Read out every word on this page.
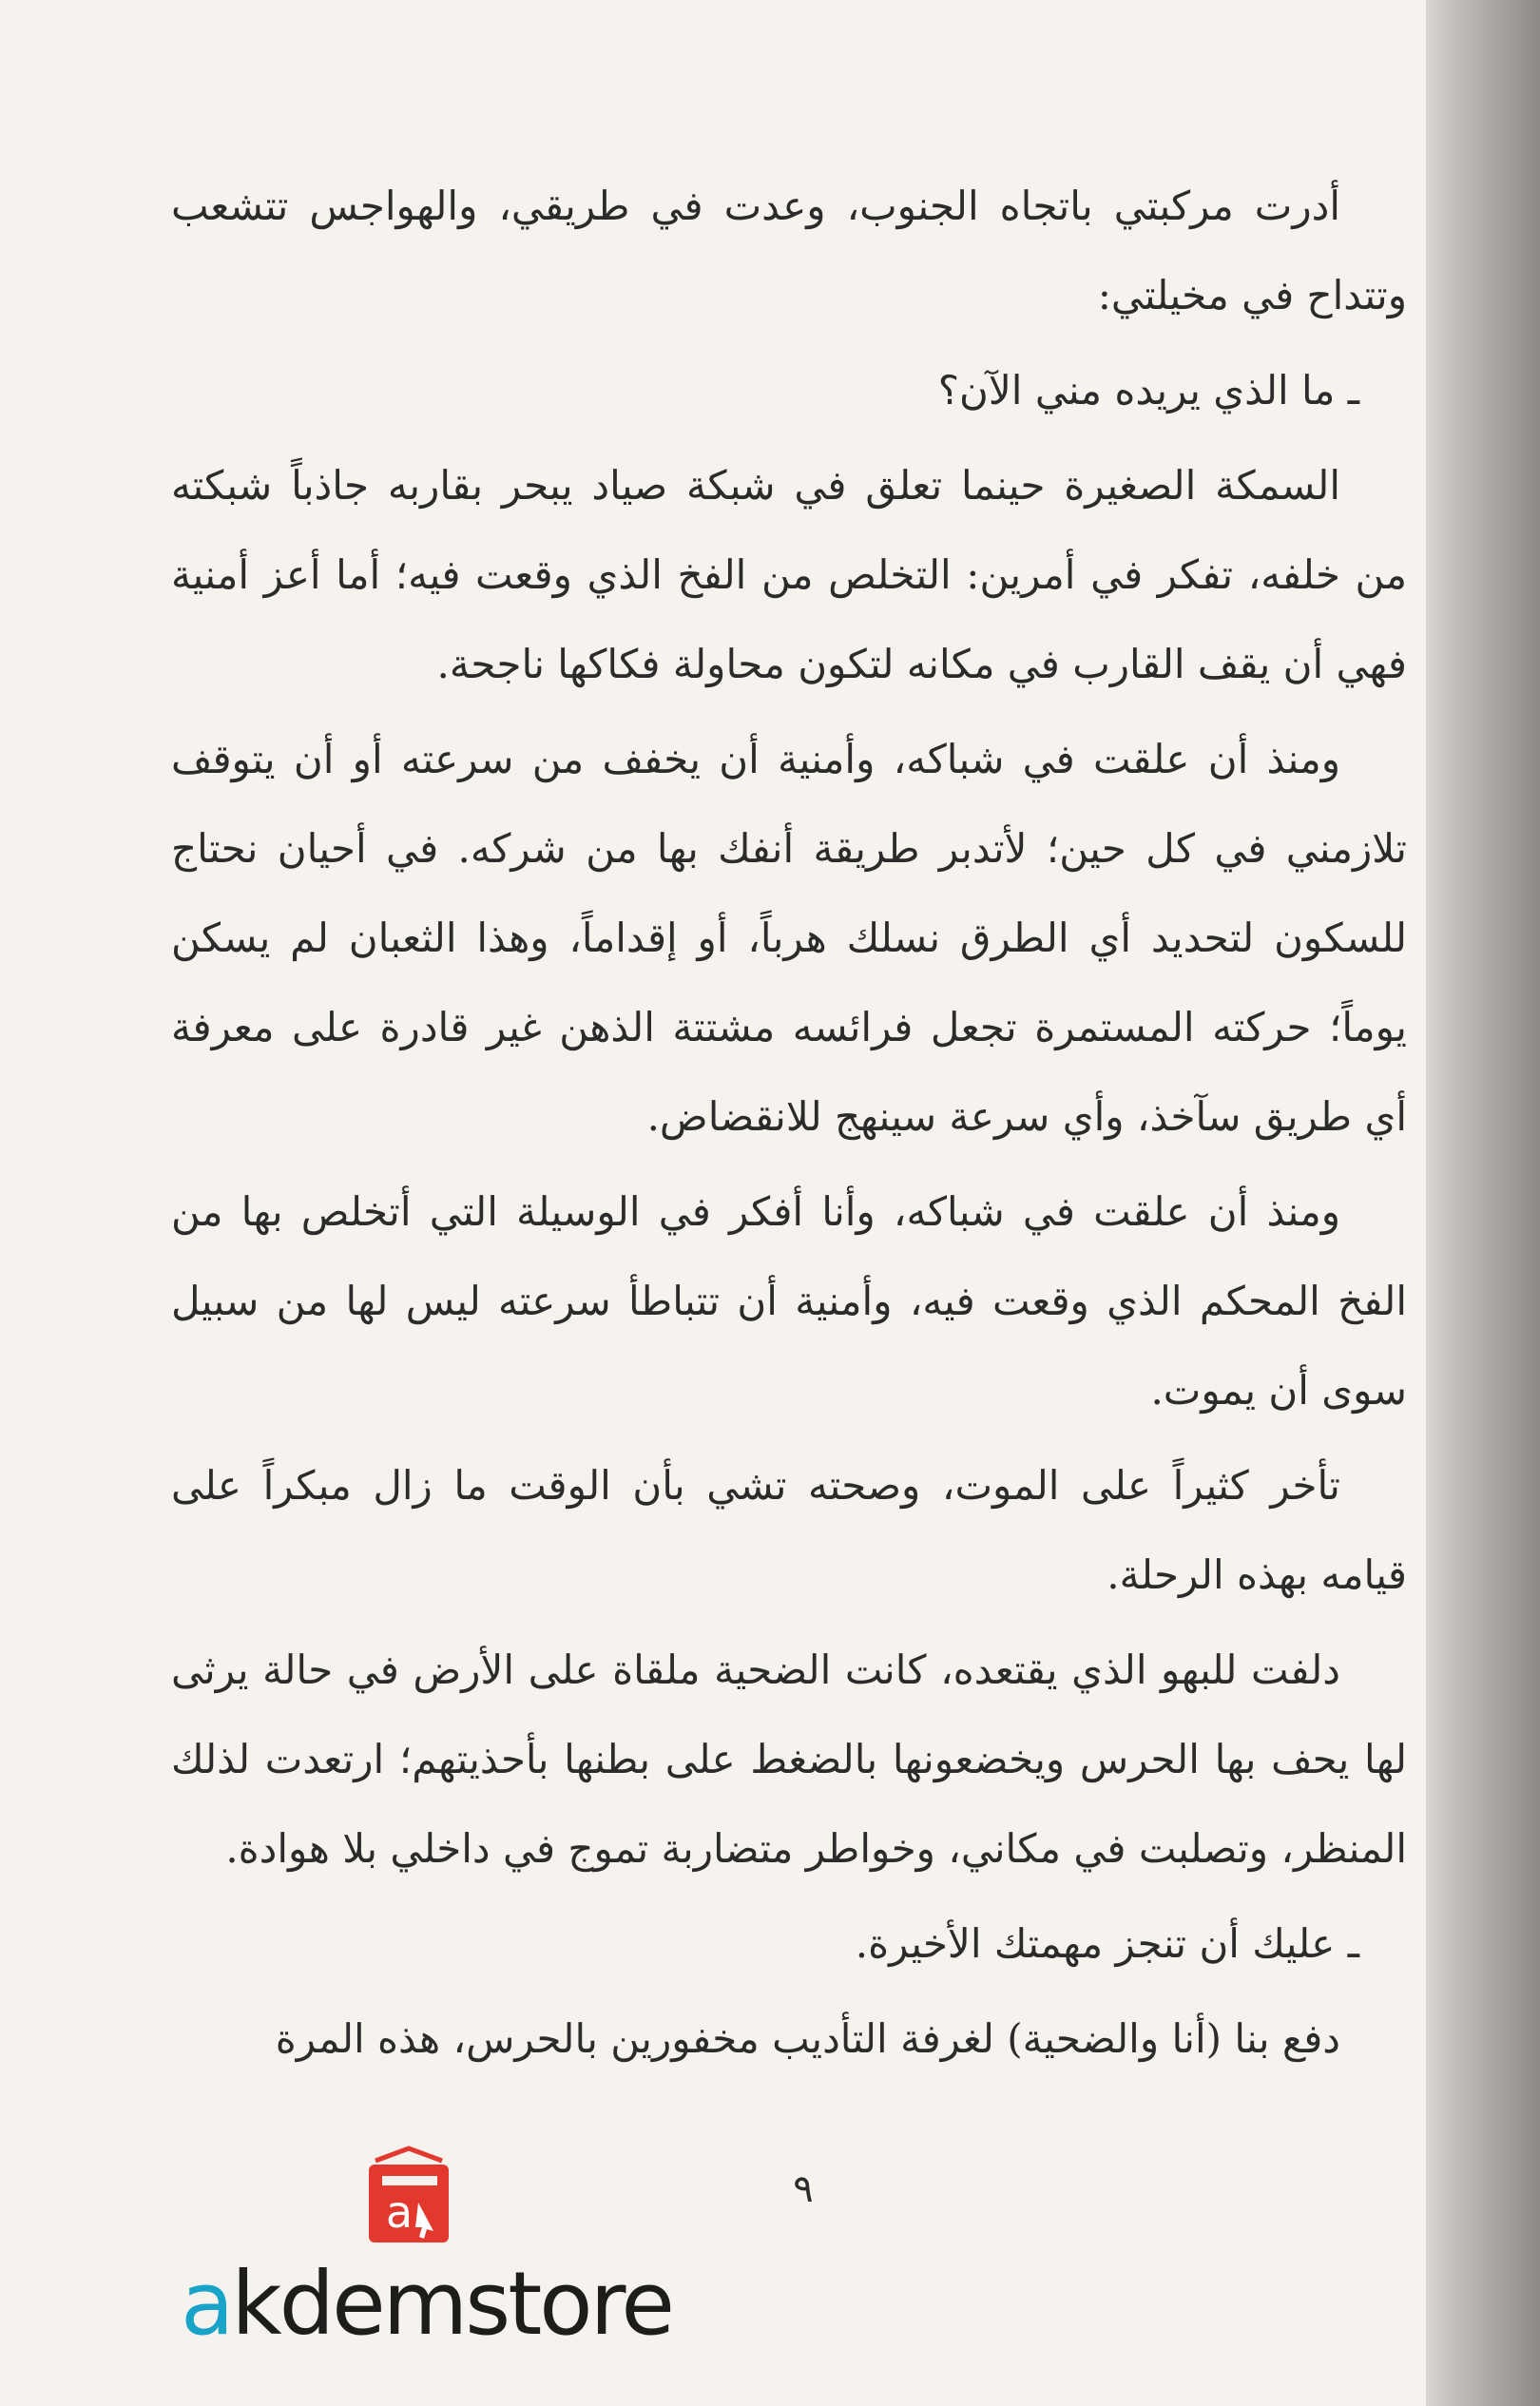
أدرت مركبتي باتجاه الجنوب، وعدت في طريقي، والهواجس تتشعب وتتداح في مخيلتي:

ـ ما الذي يريده مني الآن؟

السمكة الصغيرة حينما تعلق في شبكة صياد يبحر بقاربه جاذباً شبكته من خلفه، تفكر في أمرين: التخلص من الفخ الذي وقعت فيه؛ أما أعز أمنية فهي أن يقف القارب في مكانه لتكون محاولة فكاكها ناجحة.

ومنذ أن علقت في شباكه، وأمنية أن يخفف من سرعته أو أن يتوقف تلازمني في كل حين؛ لأتدبر طريقة أنفك بها من شركه. في أحيان نحتاج للسكون لتحديد أي الطرق نسلك هرباً، أو إقداماً، وهذا الثعبان لم يسكن يوماً؛ حركته المستمرة تجعل فرائسه مشتتة الذهن غير قادرة على معرفة أي طريق سآخذ، وأي سرعة سينهج للانقضاض.

ومنذ أن علقت في شباكه، وأنا أفكر في الوسيلة التي أتخلص بها من الفخ المحكم الذي وقعت فيه، وأمنية أن تتباطأ سرعته ليس لها من سبيل سوى أن يموت.

تأخر كثيراً على الموت، وصحته تشي بأن الوقت ما زال مبكراً على قيامه بهذه الرحلة.

دلفت للبهو الذي يقتعده، كانت الضحية ملقاة على الأرض في حالة يرثى لها يحف بها الحرس ويخضعونها بالضغط على بطنها بأحذيتهم؛ ارتعدت لذلك المنظر، وتصلبت في مكاني، وخواطر متضاربة تموج في داخلي بلا هوادة.

ـ عليك أن تنجز مهمتك الأخيرة.

دفع بنا (أنا والضحية) لغرفة التأديب مخفورين بالحرس، هذه المرة

٩
a
akdemstore
